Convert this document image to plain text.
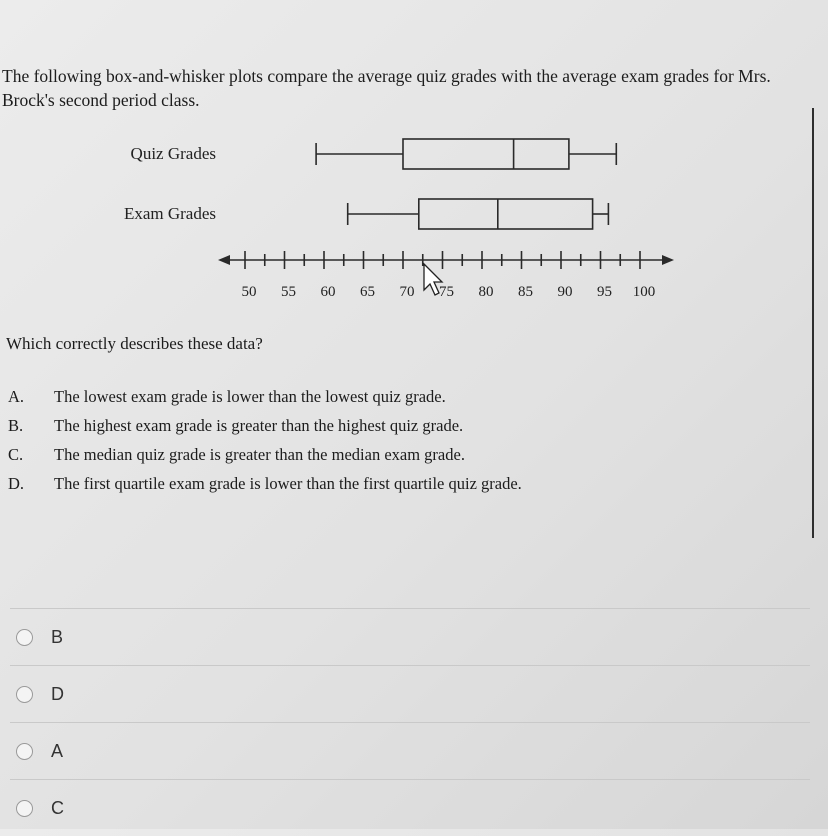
The following box-and-whisker plots compare the average quiz grades with the average exam grades for Mrs. Brock's second period class.
Quiz Grades
Exam Grades
50 55 60 65 70 75 80 85 90 95 100
Which correctly describes these data?
A.	The lowest exam grade is lower than the lowest quiz grade.
B.	The highest exam grade is greater than the highest quiz grade.
C.	The median quiz grade is greater than the median exam grade.
D.	The first quartile exam grade is lower than the first quartile quiz grade.
B
D
A
C
